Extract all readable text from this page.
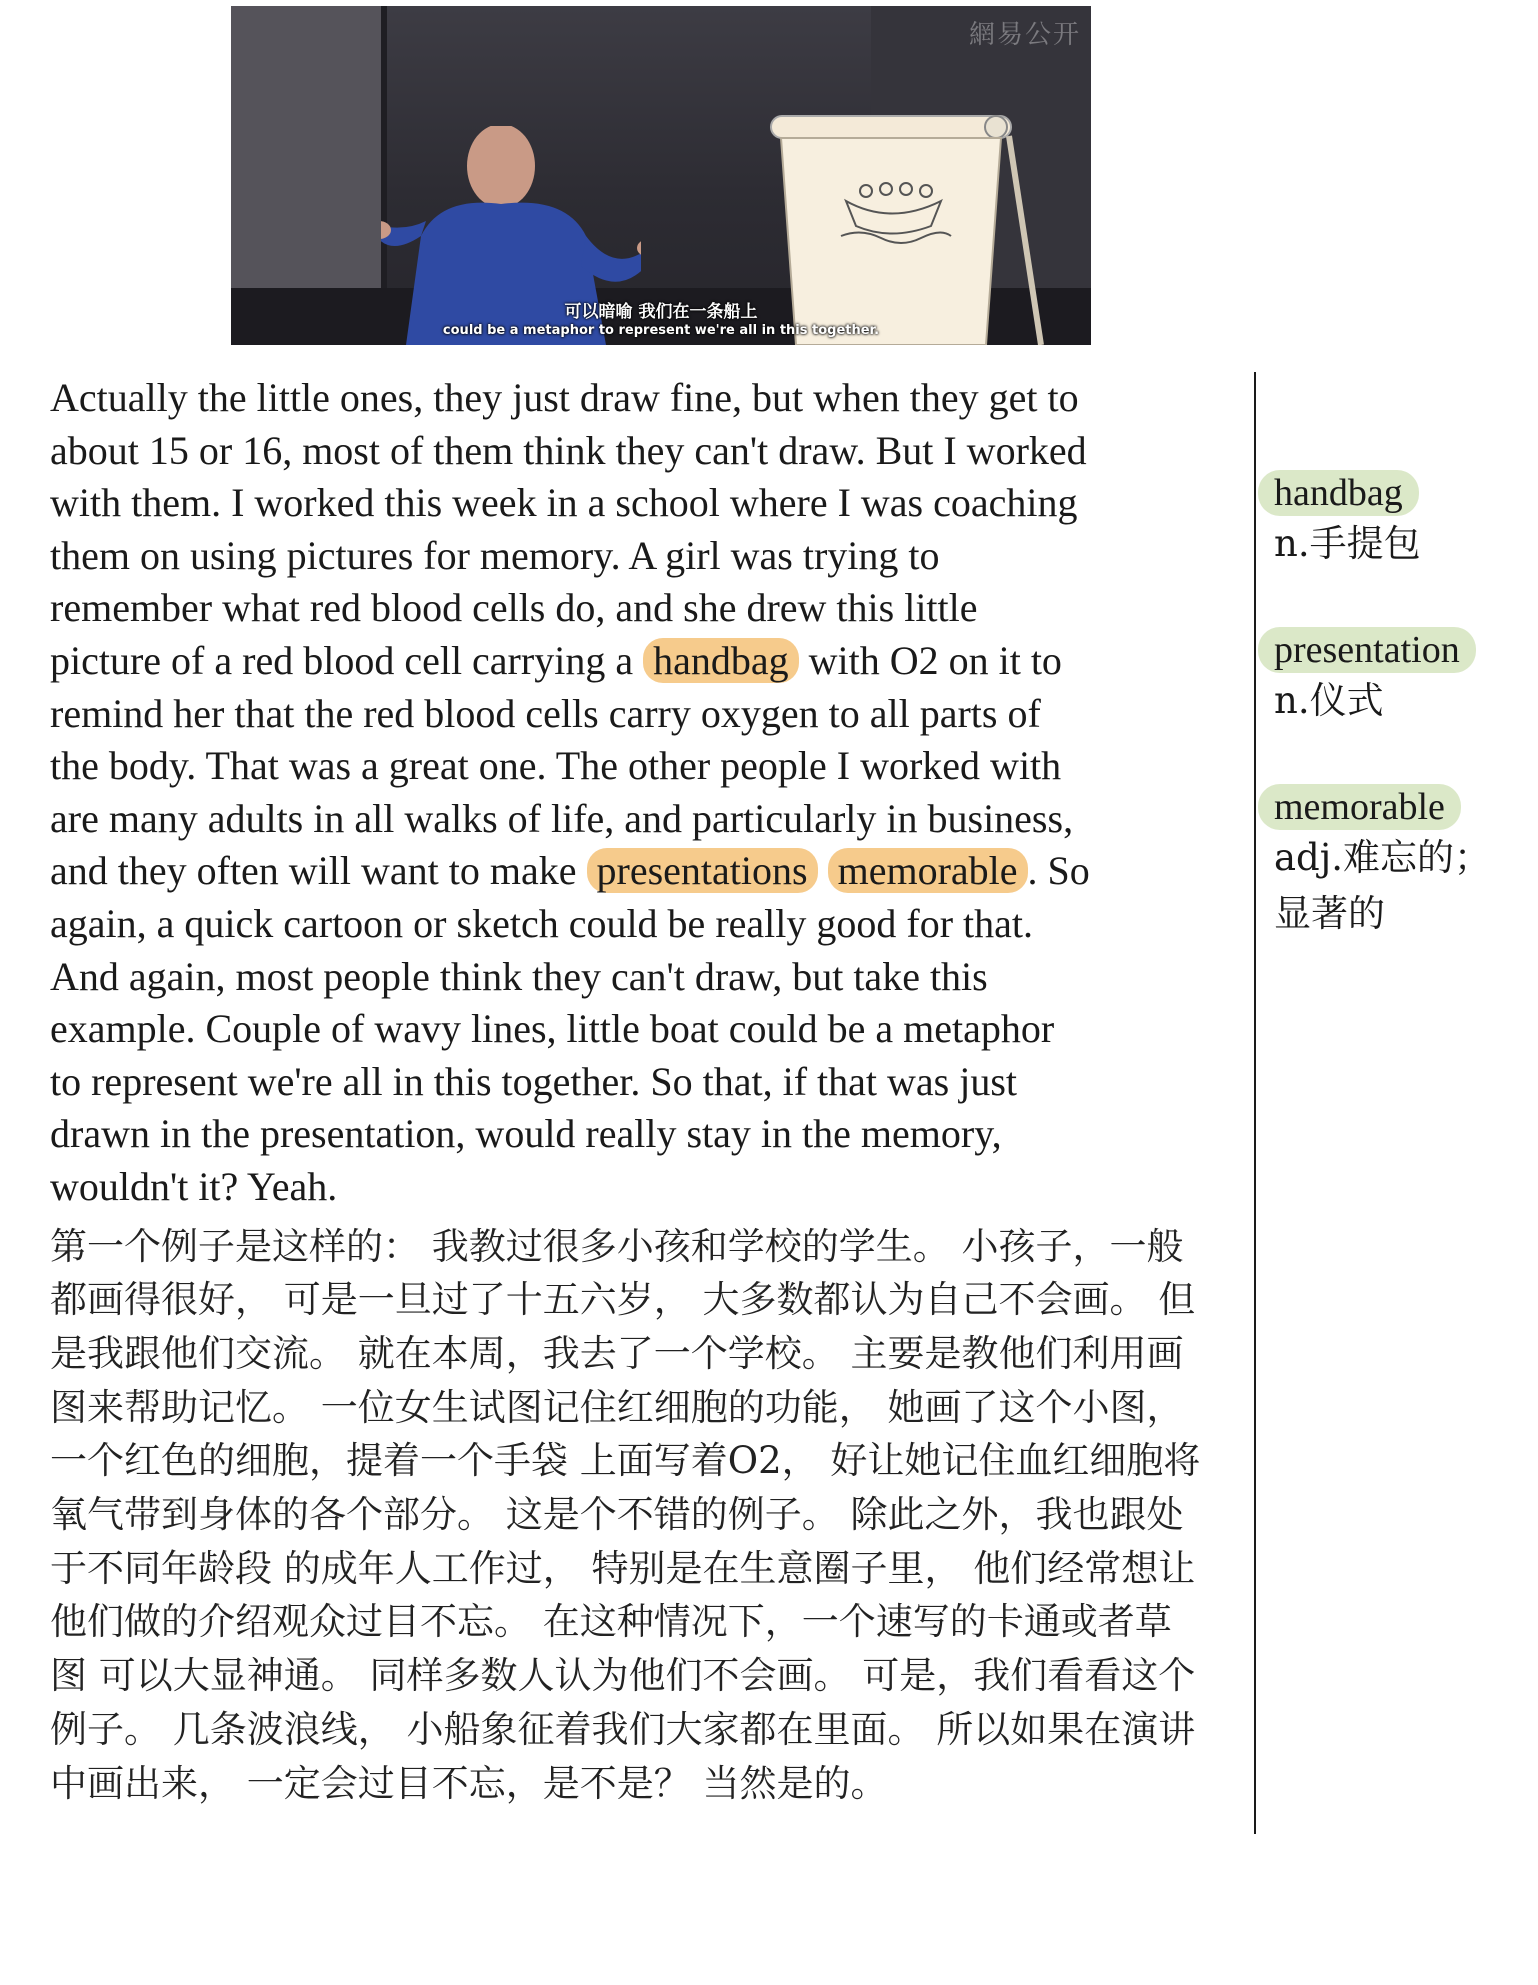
網易公开
可以暗喻 我们在一条船上
could be a metaphor to represent we're all in this together.

Actually the little ones, they just draw fine, but when they get to
about 15 or 16, most of them think they can't draw. But I worked
with them. I worked this week in a school where I was coaching
them on using pictures for memory. A girl was trying to
remember what red blood cells do, and she drew this little
picture of a red blood cell carrying a handbag with O2 on it to
remind her that the red blood cells carry oxygen to all parts of
the body. That was a great one. The other people I worked with
are many adults in all walks of life, and particularly in business,
and they often will want to make presentations memorable . So
again, a quick cartoon or sketch could be really good for that.
And again, most people think they can't draw, but take this
example. Couple of wavy lines, little boat could be a metaphor
to represent we're all in this together. So that, if that was just
drawn in the presentation, would really stay in the memory,
wouldn't it? Yeah.

第一个例子是这样的： 我教过很多小孩和学校的学生。 小孩子，一般
都画得很好， 可是一旦过了十五六岁， 大多数都认为自己不会画。 但
是我跟他们交流。 就在本周，我去了一个学校。 主要是教他们利用画
图来帮助记忆。 一位女生试图记住红细胞的功能， 她画了这个小图，
一个红色的细胞，提着一个手袋 上面写着O2， 好让她记住血红细胞将
氧气带到身体的各个部分。 这是个不错的例子。 除此之外，我也跟处
于不同年龄段 的成年人工作过， 特别是在生意圈子里， 他们经常想让
他们做的介绍观众过目不忘。 在这种情况下，一个速写的卡通或者草
图 可以大显神通。 同样多数人认为他们不会画。 可是，我们看看这个
例子。 几条波浪线， 小船象征着我们大家都在里面。 所以如果在演讲
中画出来， 一定会过目不忘，是不是？ 当然是的。

handbag
n.手提包
presentation
n.仪式
memorable
adj.难忘的；
显著的
